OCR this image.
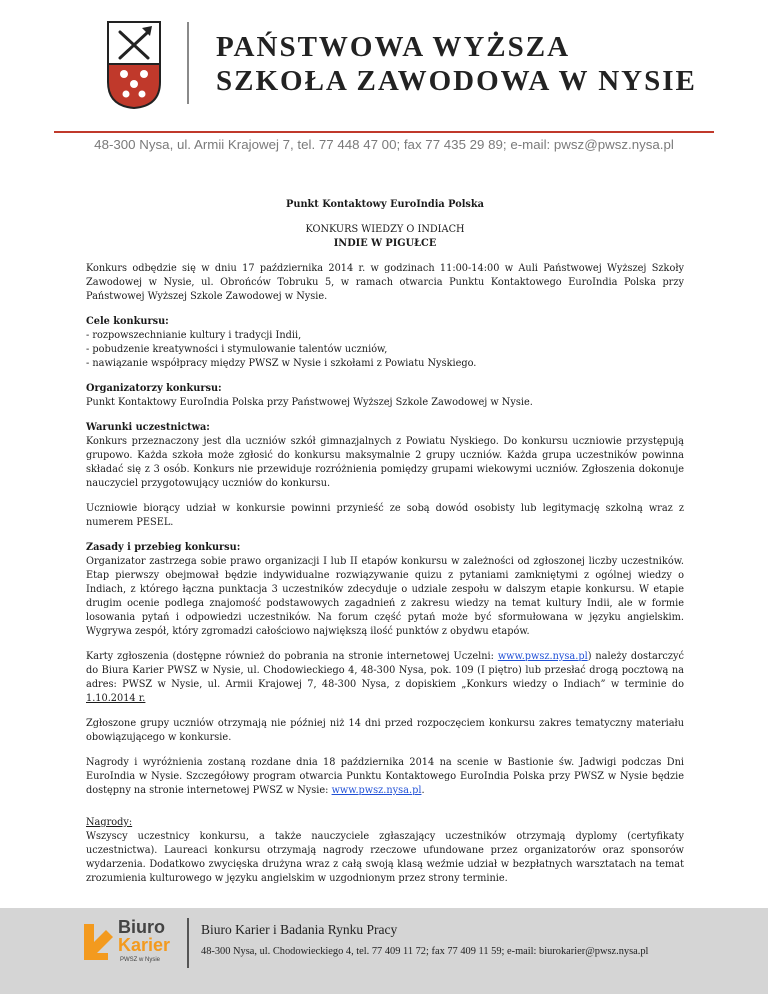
PAŃSTWOWA WYŻSZA
SZKOŁA ZAWODOWA W NYSIE
48-300 Nysa, ul. Armii Krajowej 7, tel. 77 448 47 00; fax 77 435 29 89; e-mail: pwsz@pwsz.nysa.pl

Punkt Kontaktowy EuroIndia Polska

KONKURS WIEDZY O INDIACH

INDIE W PIGUŁCE

Konkurs odbędzie się w dniu 17 października 2014 r. w godzinach 11:00-14:00 w Auli Państwowej Wyższej Szkoły Zawodowej w Nysie, ul. Obrońców Tobruku 5, w ramach otwarcia Punktu Kontaktowego EuroIndia Polska przy Państwowej Wyższej Szkole Zawodowej w Nysie.

Cele konkursu:

- rozpowszechnianie kultury i tradycji Indii,

- pobudzenie kreatywności i stymulowanie talentów uczniów,

- nawiązanie współpracy między PWSZ w Nysie i szkołami z Powiatu Nyskiego.

Organizatorzy konkursu:

Punkt Kontaktowy EuroIndia Polska przy Państwowej Wyższej Szkole Zawodowej w Nysie.

Warunki uczestnictwa:

Konkurs przeznaczony jest dla uczniów szkół gimnazjalnych z Powiatu Nyskiego. Do konkursu uczniowie przystępują grupowo. Każda szkoła może zgłosić do konkursu maksymalnie 2 grupy uczniów. Każda grupa uczestników powinna składać się z 3 osób. Konkurs nie przewiduje rozróżnienia pomiędzy grupami wiekowymi uczniów. Zgłoszenia dokonuje nauczyciel przygotowujący uczniów do konkursu.

Uczniowie biorący udział w konkursie powinni przynieść ze sobą dowód osobisty lub legitymację szkolną wraz z numerem PESEL.

Zasady i przebieg konkursu:

Organizator zastrzega sobie prawo organizacji I lub II etapów konkursu w zależności od zgłoszonej liczby uczestników. Etap pierwszy obejmował będzie indywidualne rozwiązywanie quizu z pytaniami zamkniętymi z ogólnej wiedzy o Indiach, z którego łączna punktacja 3 uczestników zdecyduje o udziale zespołu w dalszym etapie konkursu. W etapie drugim ocenie podlega znajomość podstawowych zagadnień z zakresu wiedzy na temat kultury Indii, ale w formie losowania pytań i odpowiedzi uczestników. Na forum część pytań może być sformułowana w języku angielskim. Wygrywa zespół, który zgromadzi całościowo największą ilość punktów z obydwu etapów.

Karty zgłoszenia (dostępne również do pobrania na stronie internetowej Uczelni: www.pwsz.nysa.pl) należy dostarczyć do Biura Karier PWSZ w Nysie, ul. Chodowieckiego 4, 48-300 Nysa, pok. 109 (I piętro) lub przesłać drogą pocztową na adres: PWSZ w Nysie, ul. Armii Krajowej 7, 48-300 Nysa, z dopiskiem „Konkurs wiedzy o Indiach” w terminie do 1.10.2014 r.

Zgłoszone grupy uczniów otrzymają nie później niż 14 dni przed rozpoczęciem konkursu zakres tematyczny materiału obowiązującego w konkursie.

Nagrody i wyróżnienia zostaną rozdane dnia 18 października 2014 na scenie w Bastionie św. Jadwigi podczas Dni EuroIndia w Nysie. Szczegółowy program otwarcia Punktu Kontaktowego EuroIndia Polska przy PWSZ w Nysie będzie dostępny na stronie internetowej PWSZ w Nysie: www.pwsz.nysa.pl.

Nagrody:

Wszyscy uczestnicy konkursu, a także nauczyciele zgłaszający uczestników otrzymają dyplomy (certyfikaty uczestnictwa). Laureaci konkursu otrzymają nagrody rzeczowe ufundowane przez organizatorów oraz sponsorów wydarzenia. Dodatkowo zwycięska drużyna wraz z całą swoją klasą weźmie udział w bezpłatnych warsztatach na temat zrozumienia kulturowego w języku angielskim w uzgodnionym przez strony terminie.

Biuro
Karier
PWSZ w Nysie
Biuro Karier i Badania Rynku Pracy
48-300 Nysa, ul. Chodowieckiego 4, tel. 77 409 11 72; fax 77 409 11 59; e-mail: biurokarier@pwsz.nysa.pl
